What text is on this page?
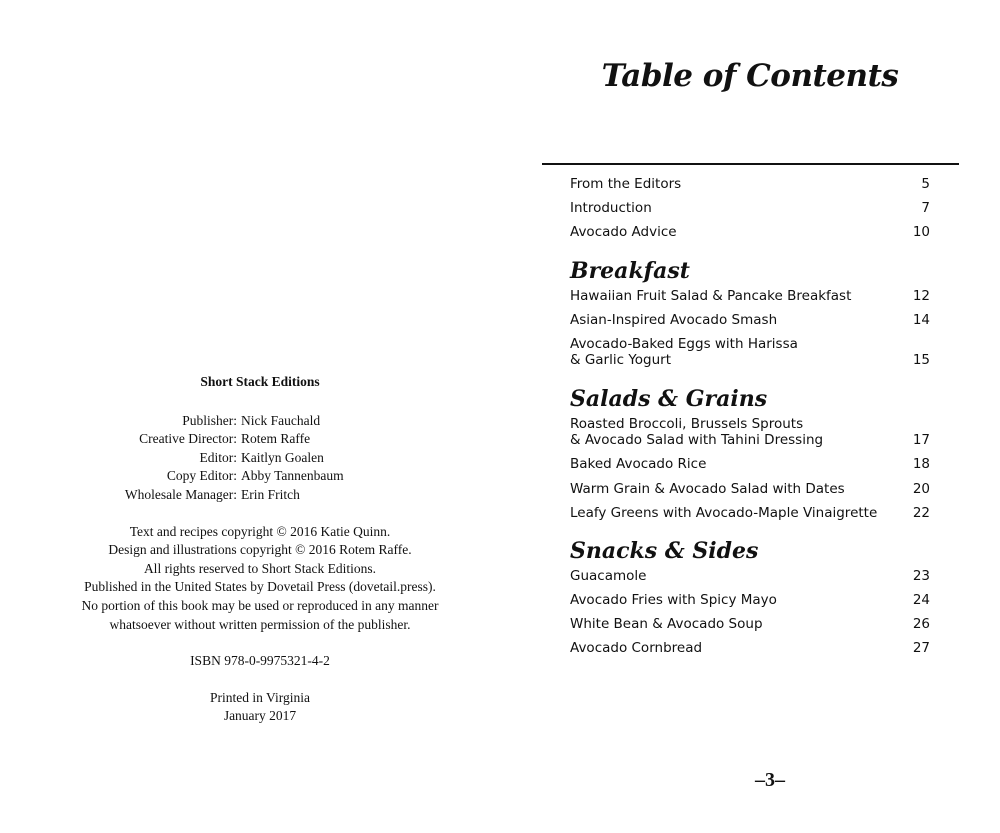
Short Stack Editions
Publisher: Nick Fauchald
Creative Director: Rotem Raffe
Editor: Kaitlyn Goalen
Copy Editor: Abby Tannenbaum
Wholesale Manager: Erin Fritch
Text and recipes copyright © 2016 Katie Quinn.
Design and illustrations copyright © 2016 Rotem Raffe.
All rights reserved to Short Stack Editions.
Published in the United States by Dovetail Press (dovetail.press).
No portion of this book may be used or reproduced in any manner
whatsoever without written permission of the publisher.
ISBN 978-0-9975321-4-2
Printed in Virginia
January 2017
Table of Contents
From the Editors	5
Introduction	7
Avocado Advice	10
Breakfast
Hawaiian Fruit Salad & Pancake Breakfast	12
Asian-Inspired Avocado Smash	14
Avocado-Baked Eggs with Harissa
& Garlic Yogurt	15
Salads & Grains
Roasted Broccoli, Brussels Sprouts
& Avocado Salad with Tahini Dressing	17
Baked Avocado Rice	18
Warm Grain & Avocado Salad with Dates	20
Leafy Greens with Avocado-Maple Vinaigrette	22
Snacks & Sides
Guacamole	23
Avocado Fries with Spicy Mayo	24
White Bean & Avocado Soup	26
Avocado Cornbread	27
–3–
